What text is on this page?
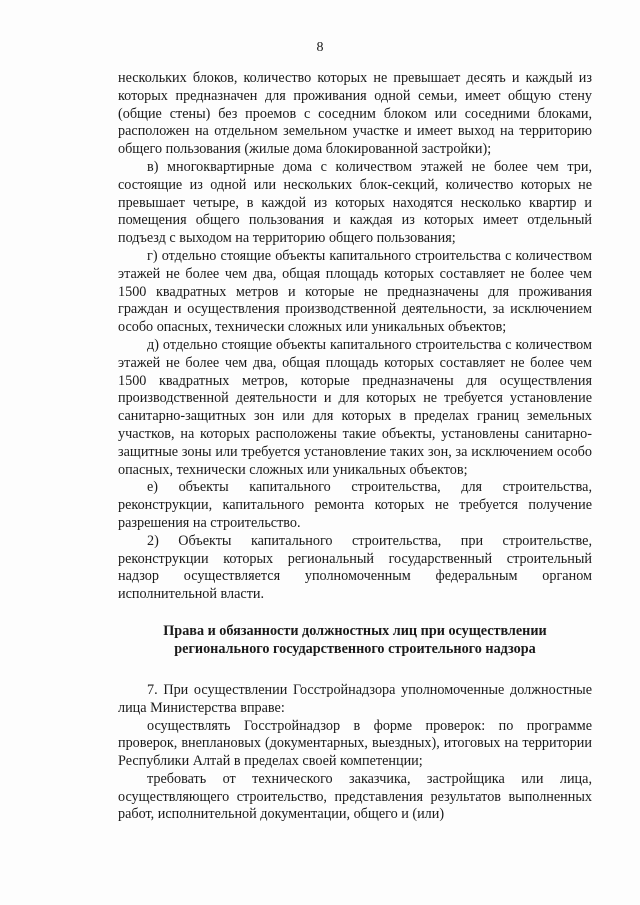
8

нескольких блоков, количество которых не превышает десять и каждый из которых предназначен для проживания одной семьи, имеет общую стену (общие стены) без проемов с соседним блоком или соседними блоками, расположен на отдельном земельном участке и имеет выход на территорию общего пользования (жилые дома блокированной застройки);

в) многоквартирные дома с количеством этажей не более чем три, состоящие из одной или нескольких блок-секций, количество которых не превышает четыре, в каждой из которых находятся несколько квартир и помещения общего пользования и каждая из которых имеет отдельный подъезд с выходом на территорию общего пользования;

г) отдельно стоящие объекты капитального строительства с количеством этажей не более чем два, общая площадь которых составляет не более чем 1500 квадратных метров и которые не предназначены для проживания граждан и осуществления производственной деятельности, за исключением особо опасных, технически сложных или уникальных объектов;

д) отдельно стоящие объекты капитального строительства с количеством этажей не более чем два, общая площадь которых составляет не более чем 1500 квадратных метров, которые предназначены для осуществления производственной деятельности и для которых не требуется установление санитарно-защитных зон или для которых в пределах границ земельных участков, на которых расположены такие объекты, установлены санитарно-защитные зоны или требуется установление таких зон, за исключением особо опасных, технически сложных или уникальных объектов;

е) объекты капитального строительства, для строительства, реконструкции, капитального ремонта которых не требуется получение разрешения на строительство.

2) Объекты капитального строительства, при строительстве, реконструкции которых региональный государственный строительный надзор осуществляется уполномоченным федеральным органом исполнительной власти.

Права и обязанности должностных лиц при осуществлении регионального государственного строительного надзора

7. При осуществлении Госстройнадзора уполномоченные должностные лица Министерства вправе:

осуществлять Госстройнадзор в форме проверок: по программе проверок, внеплановых (документарных, выездных), итоговых на территории Республики Алтай в пределах своей компетенции;

требовать от технического заказчика, застройщика или лица, осуществляющего строительство, представления результатов выполненных работ, исполнительной документации, общего и (или)
